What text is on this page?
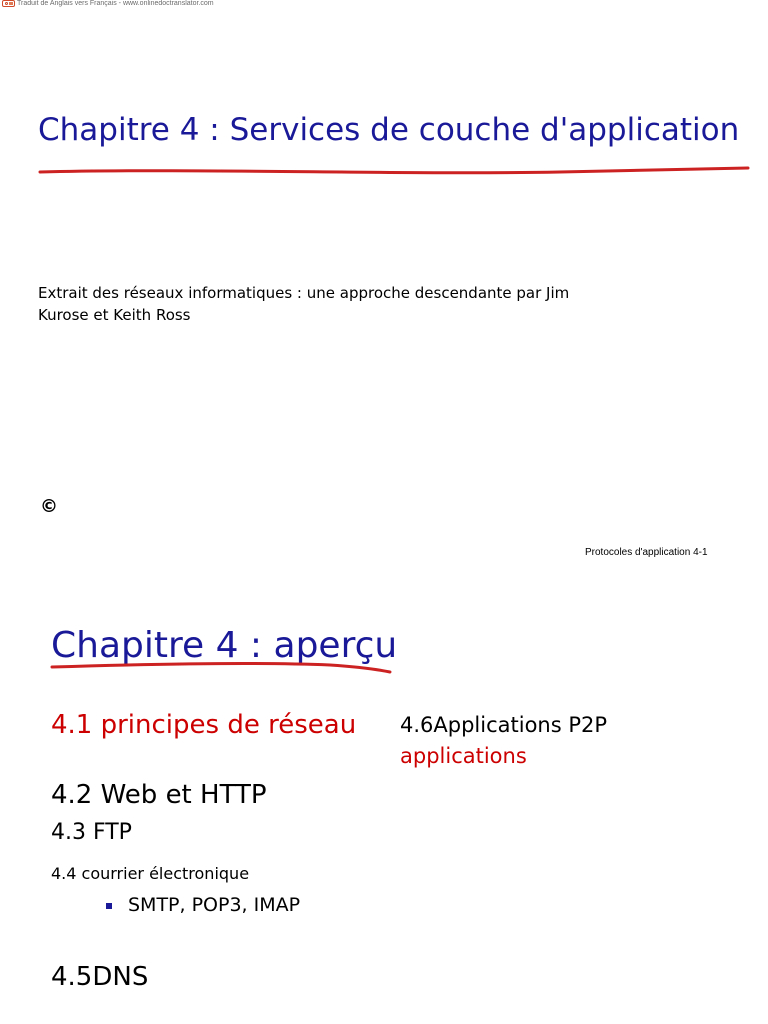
Traduit de Anglais vers Français - www.onlinedoctranslator.com
Chapitre 4 : Services de couche d'application
Extrait des réseaux informatiques : une approche descendante par Jim Kurose et Keith Ross
©
Protocoles d'application 4-1
Chapitre 4 : aperçu
4.1 principes de réseau 4.6Applications P2P
applications
4.2 Web et HTTP
4.3 FTP
4.4 courrier électronique
SMTP, POP3, IMAP
4.5DNS
